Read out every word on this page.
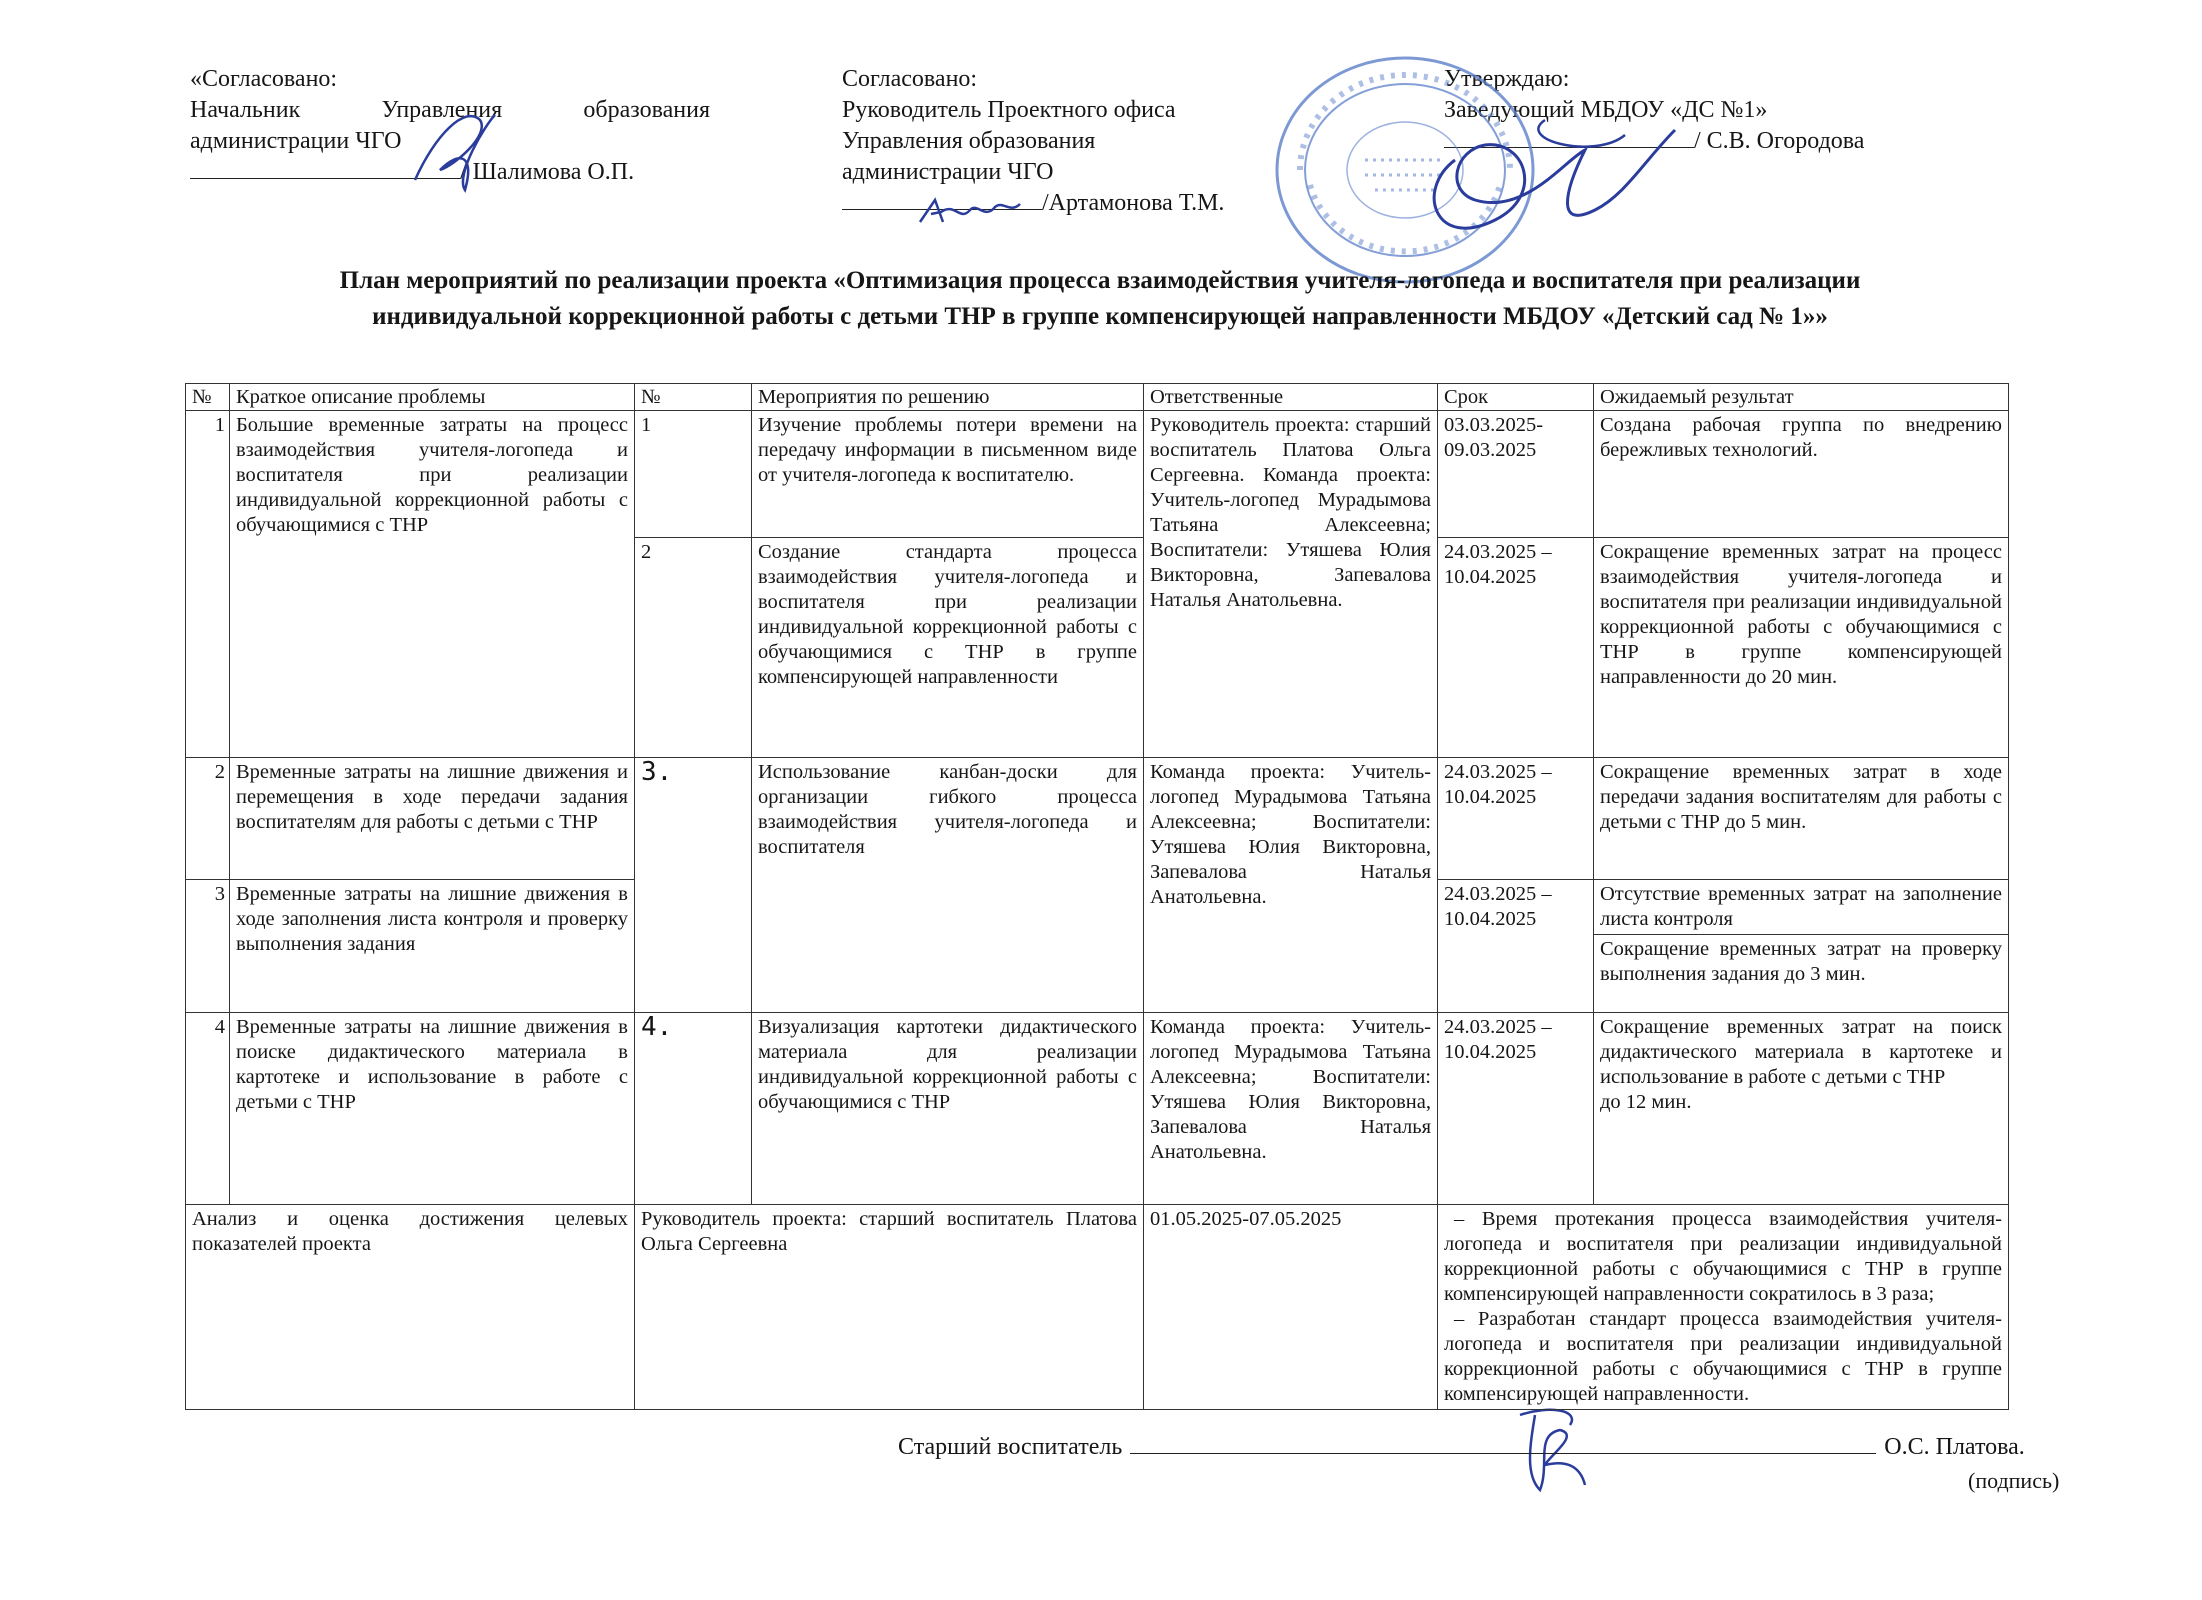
«Согласовано:
Начальник	Управления	образования
администрации ЧГО
/ Шалимова О.П.
Согласовано:
Руководитель Проектного офиса
Управления образования
администрации ЧГО
/Артамонова Т.М.
Утверждаю:
Заведующий МБДОУ «ДС №1»
/ С.В. Огородова
План мероприятий по реализации проекта «Оптимизация процесса взаимодействия учителя-логопеда и воспитателя при реализации
индивидуальной коррекционной работы с детьми ТНР в группе компенсирующей направленности МБДОУ «Детский сад № 1»»
№	Краткое описание проблемы	№	Мероприятия по решению	Ответственные	Срок	Ожидаемый результат
1	Большие временные затраты на процесс взаимодействия учителя-логопеда и воспитателя при реализации индивидуальной коррекционной работы с обучающимися с ТНР	1	Изучение проблемы потери времени на передачу информации в письменном виде от учителя-логопеда к воспитателю.	Руководитель проекта: старший воспитатель Платова Ольга Сергеевна. Команда проекта: Учитель-логопед Мурадымова Татьяна Алексеевна; Воспитатели: Утяшева Юлия Викторовна, Запевалова Наталья Анатольевна.	03.03.2025-09.03.2025	Создана рабочая группа по внедрению бережливых технологий.
		2	Создание стандарта процесса взаимодействия учителя-логопеда и воспитателя при реализации индивидуальной коррекционной работы с обучающимися с ТНР в группе компенсирующей направленности		24.03.2025 – 10.04.2025	Сокращение временных затрат на процесс взаимодействия учителя-логопеда и воспитателя при реализации индивидуальной коррекционной работы с обучающимися с ТНР в группе компенсирующей направленности до 20 мин.
2	Временные затраты на лишние движения и перемещения в ходе передачи задания воспитателям для работы с детьми с ТНР	3.	Использование канбан-доски для организации гибкого процесса взаимодействия учителя-логопеда и воспитателя	Команда проекта: Учитель-логопед Мурадымова Татьяна Алексеевна; Воспитатели: Утяшева Юлия Викторовна, Запевалова Наталья Анатольевна.	24.03.2025 – 10.04.2025	Сокращение временных затрат в ходе передачи задания воспитателям для работы с детьми с ТНР до 5 мин.
3	Временные затраты на лишние движения в ходе заполнения листа контроля и проверку выполнения задания				24.03.2025 – 10.04.2025	Отсутствие временных затрат на заполнение листа контроля
						Сокращение временных затрат на проверку выполнения задания до 3 мин.
4	Временные затраты на лишние движения в поиске дидактического материала в картотеке и использование в работе с детьми с ТНР	4.	Визуализация картотеки дидактического материала для реализации индивидуальной коррекционной работы с обучающимися с ТНР	Команда проекта: Учитель-логопед Мурадымова Татьяна Алексеевна; Воспитатели: Утяшева Юлия Викторовна, Запевалова Наталья Анатольевна.	24.03.2025 – 10.04.2025	Сокращение временных затрат на поиск дидактического материала в картотеке и использование в работе с детьми с ТНР
до 12 мин.

Анализ и оценка достижения целевых показателей проекта		Руководитель проекта: старший воспитатель Платова Ольга Сергеевна		01.05.2025-07.05.2025	– Время протекания процесса взаимодействия учителя-логопеда и воспитателя при реализации индивидуальной коррекционной работы с обучающимися с ТНР в группе компенсирующей направленности сократилось в 3 раза;
– Разработан стандарт процесса взаимодействия учителя-логопеда и воспитателя при реализации индивидуальной коррекционной работы с обучающимися с ТНР в группе компенсирующей направленности.	
Старший воспитатель	О.С. Платова.
(подпись)
